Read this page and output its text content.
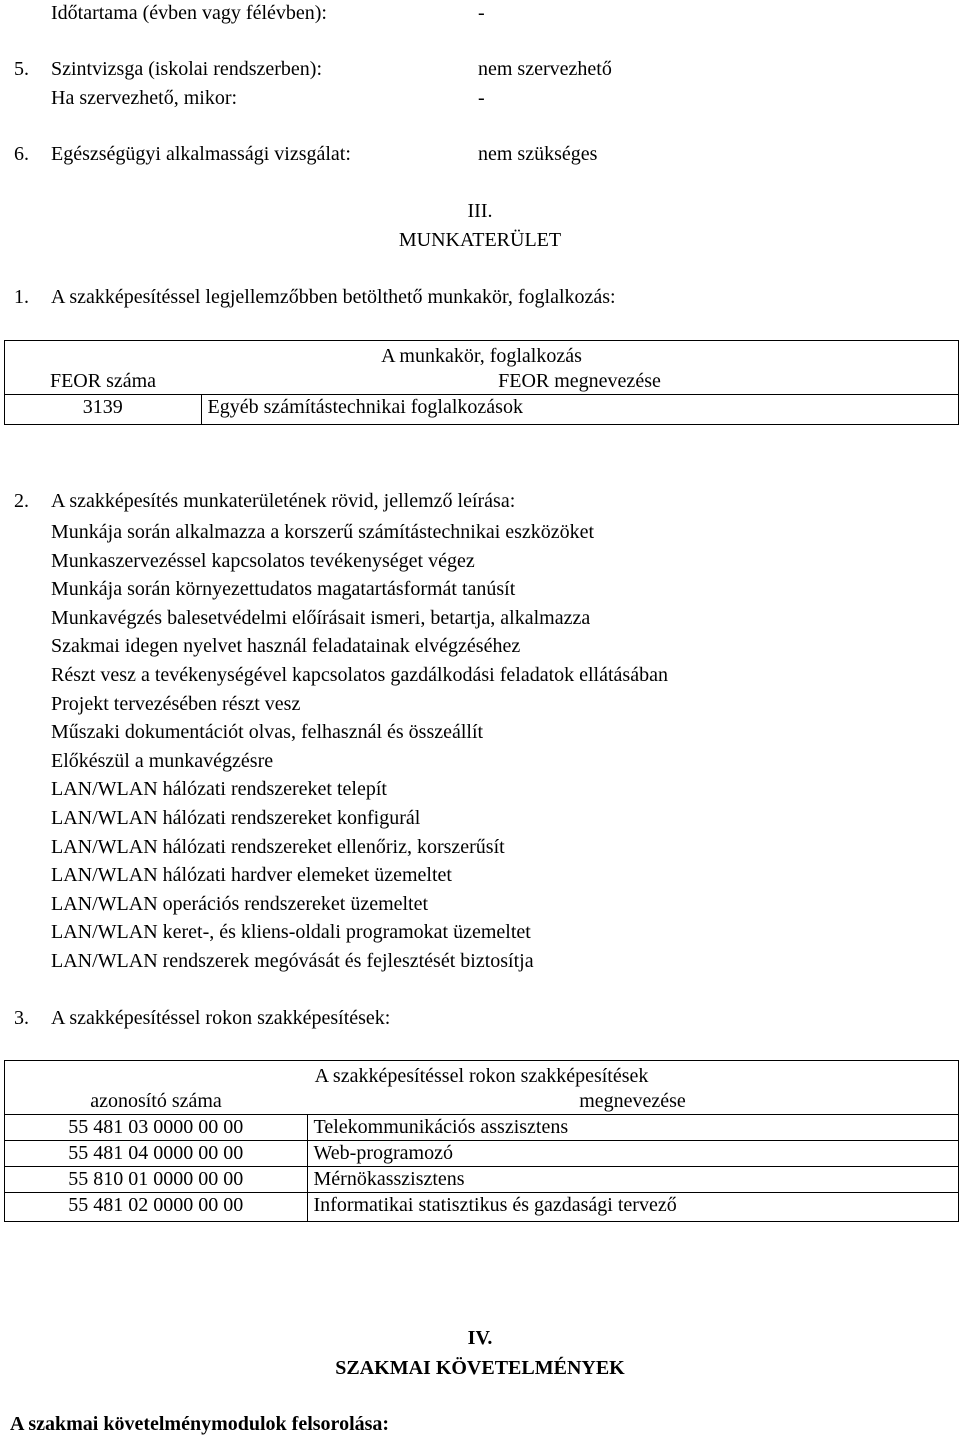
Időtartama (évben vagy félévben):	-
5. Szintvizsga (iskolai rendszerben):	nem szervezhető
Ha szervezhető, mikor:	-
6. Egészségügyi alkalmassági vizsgálat:	nem szükséges
III.
MUNKATERÜLET
1. A szakképesítéssel legjellemzőbben betölthető munkakör, foglalkozás:
A munkakör, foglalkozás	
FEOR száma	FEOR megnevezése
3139	Egyéb számítástechnikai foglalkozások
2. A szakképesítés munkaterületének rövid, jellemző leírása:
Munkája során alkalmazza a korszerű számítástechnikai eszközöket
Munkaszervezéssel kapcsolatos tevékenységet végez
Munkája során környezettudatos magatartásformát tanúsít
Munkavégzés balesetvédelmi előírásait ismeri, betartja, alkalmazza
Szakmai idegen nyelvet használ feladatainak elvégzéséhez
Részt vesz a tevékenységével kapcsolatos gazdálkodási feladatok ellátásában
Projekt tervezésében részt vesz
Műszaki dokumentációt olvas, felhasznál és összeállít
Előkészül a munkavégzésre
LAN/WLAN hálózati rendszereket telepít
LAN/WLAN hálózati rendszereket konfigurál
LAN/WLAN hálózati rendszereket ellenőriz, korszerűsít
LAN/WLAN hálózati hardver elemeket üzemeltet
LAN/WLAN operációs rendszereket üzemeltet
LAN/WLAN keret-, és kliens-oldali programokat üzemeltet
LAN/WLAN rendszerek megóvását és fejlesztését biztosítja
3. A szakképesítéssel rokon szakképesítések:
A szakképesítéssel rokon szakképesítések	
azonosító száma	megnevezése
55 481 03 0000 00 00	Telekommunikációs asszisztens
55 481 04 0000 00 00	Web-programozó
55 810 01 0000 00 00	Mérnökasszisztens
55 481 02 0000 00 00	Informatikai statisztikus és gazdasági tervező
IV.
SZAKMAI KÖVETELMÉNYEK
A szakmai követelménymodulok felsorolása:
